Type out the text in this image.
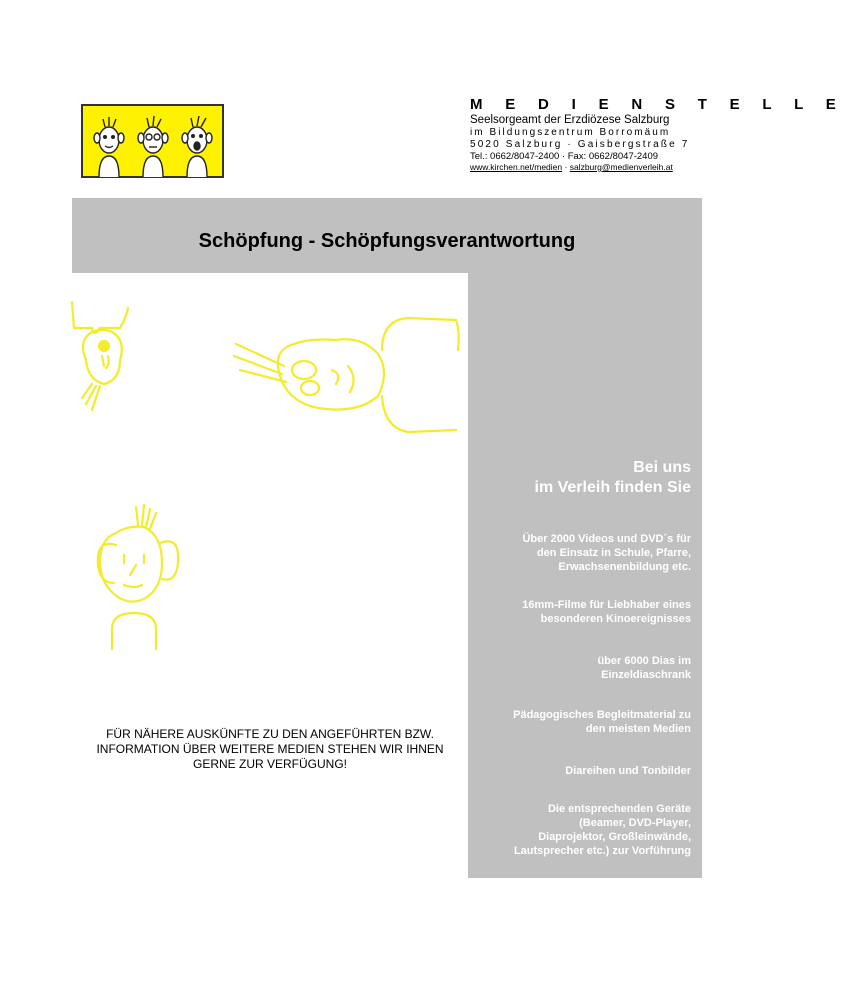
M E D I E N S T E L L E
Seelsorgeamt der Erzdiözese Salzburg
im Bildungszentrum Borromäum
5020 Salzburg · Gaisbergstraße 7
Tel.: 0662/8047-2400 · Fax: 0662/8047-2409
www.kirchen.net/medien · salzburg@medienverleih.at
Schöpfung - Schöpfungsverantwortung
Bei uns
im Verleih finden Sie
Über 2000 Videos und DVD´s für
den Einsatz in Schule, Pfarre,
Erwachsenenbildung etc.
16mm-Filme für Liebhaber eines
besonderen Kinoereignisses
über 6000 Dias im
Einzeldiaschrank
Pädagogisches Begleitmaterial zu
den meisten Medien
Diareihen und Tonbilder
Die entsprechenden Geräte
(Beamer, DVD-Player,
Diaprojektor, Großleinwände,
Lautsprecher etc.) zur Vorführung
FÜR NÄHERE AUSKÜNFTE ZU DEN ANGEFÜHRTEN BZW.
INFORMATION ÜBER WEITERE MEDIEN STEHEN WIR IHNEN
GERNE ZUR VERFÜGUNG!
